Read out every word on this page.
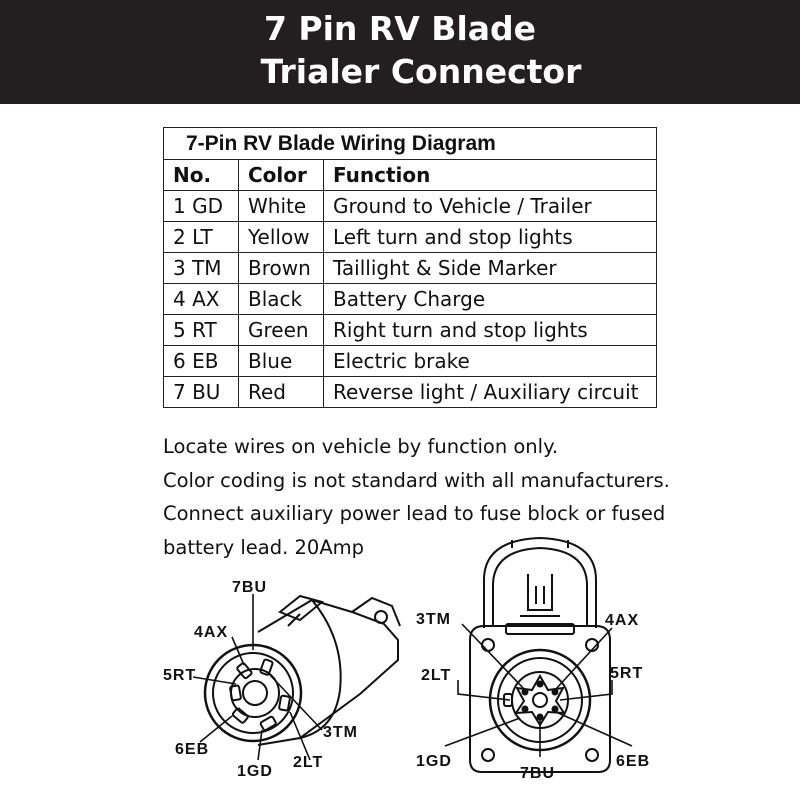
7 Pin RV Blade
Trialer Connector
7-Pin RV Blade Wiring Diagram		
No.	Color	Function
1 GD	White	Ground to Vehicle / Trailer
2 LT	Yellow	Left turn and stop lights
3 TM	Brown	Taillight & Side Marker
4 AX	Black	Battery Charge
5 RT	Green	Right turn and stop lights
6 EB	Blue	Electric brake
7 BU	Red	Reverse light / Auxiliary circuit
Locate wires on vehicle by function only.
Color coding is not standard with all manufacturers.
Connect auxiliary power lead to fuse block or fused
battery lead. 20Amp
7BU
4AX
5RT
6EB
1GD
2LT
3TM
3TM	4AX
2LT	5RT
1GD
7BU
6EB
